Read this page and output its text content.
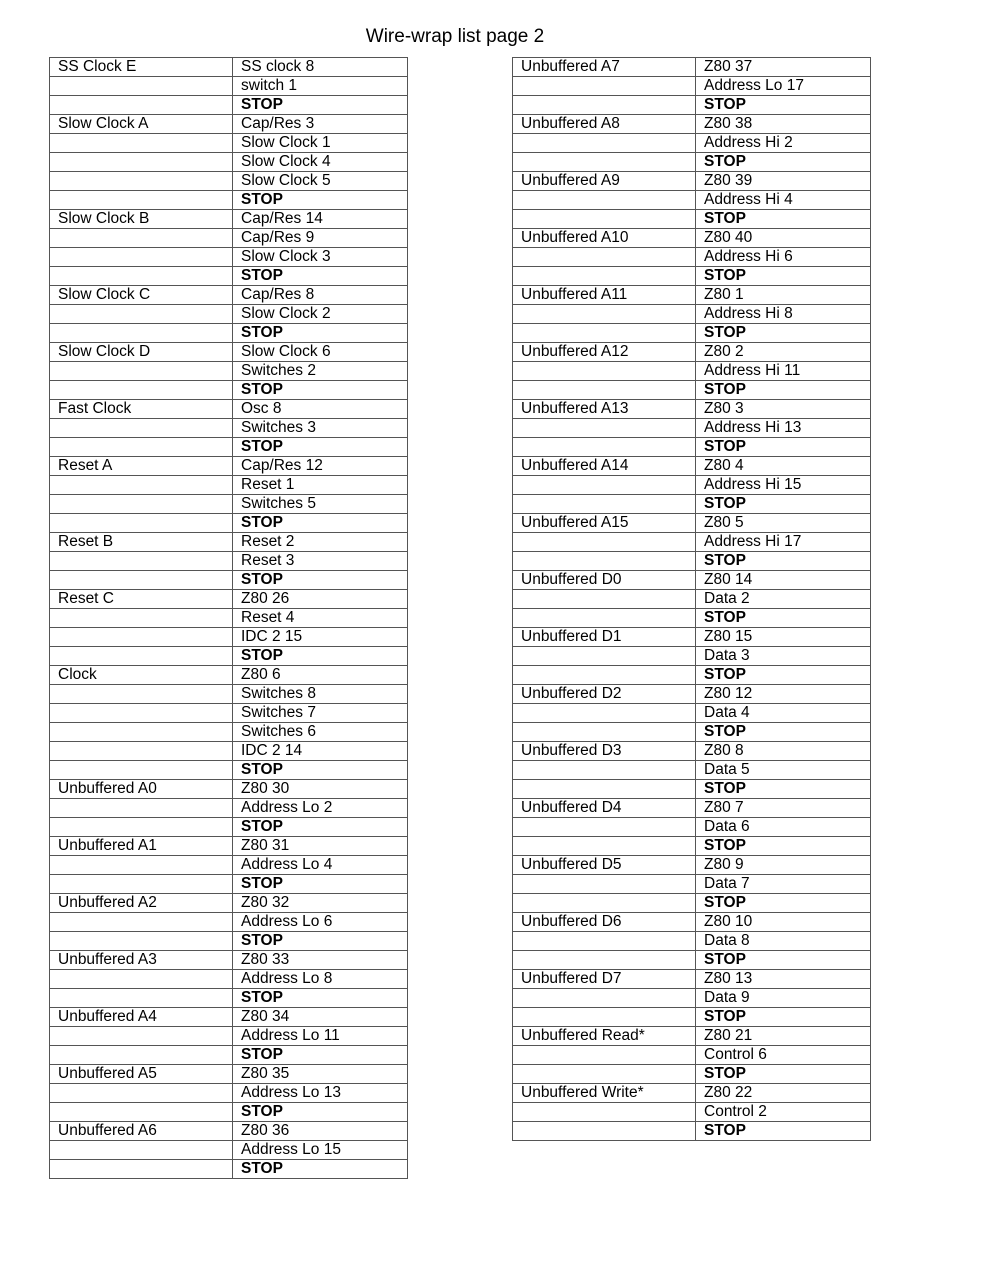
Wire-wrap list page 2
SS Clock E	SS clock 8
	switch 1
	STOP
Slow Clock A	Cap/Res 3
	Slow Clock 1
	Slow Clock 4
	Slow Clock 5
	STOP
Slow Clock B	Cap/Res 14
	Cap/Res 9
	Slow Clock 3
	STOP
Slow Clock C	Cap/Res 8
	Slow Clock 2
	STOP
Slow Clock D	Slow Clock 6
	Switches 2
	STOP
Fast Clock	Osc 8
	Switches 3
	STOP
Reset A	Cap/Res 12
	Reset 1
	Switches 5
	STOP
Reset B	Reset 2
	Reset 3
	STOP
Reset C	Z80 26
	Reset 4
	IDC 2 15
	STOP
Clock	Z80 6
	Switches 8
	Switches 7
	Switches 6
	IDC 2 14
	STOP
Unbuffered A0	Z80 30
	Address Lo 2
	STOP
Unbuffered A1	Z80 31
	Address Lo 4
	STOP
Unbuffered A2	Z80 32
	Address Lo 6
	STOP
Unbuffered A3	Z80 33
	Address Lo 8
	STOP
Unbuffered A4	Z80 34
	Address Lo 11
	STOP
Unbuffered A5	Z80 35
	Address Lo 13
	STOP
Unbuffered A6	Z80 36
	Address Lo 15
	STOP
Unbuffered A7	Z80 37
	Address Lo 17
	STOP
Unbuffered A8	Z80 38
	Address Hi 2
	STOP
Unbuffered A9	Z80 39
	Address Hi 4
	STOP
Unbuffered A10	Z80 40
	Address Hi 6
	STOP
Unbuffered A11	Z80 1
	Address Hi 8
	STOP
Unbuffered A12	Z80 2
	Address Hi 11
	STOP
Unbuffered A13	Z80 3
	Address Hi 13
	STOP
Unbuffered A14	Z80 4
	Address Hi 15
	STOP
Unbuffered A15	Z80 5
	Address Hi 17
	STOP
Unbuffered D0	Z80 14
	Data 2
	STOP
Unbuffered D1	Z80 15
	Data 3
	STOP
Unbuffered D2	Z80 12
	Data 4
	STOP
Unbuffered D3	Z80 8
	Data 5
	STOP
Unbuffered D4	Z80 7
	Data 6
	STOP
Unbuffered D5	Z80 9
	Data 7
	STOP
Unbuffered D6	Z80 10
	Data 8
	STOP
Unbuffered D7	Z80 13
	Data 9
	STOP
Unbuffered Read*	Z80 21
	Control 6
	STOP
Unbuffered Write*	Z80 22
	Control 2
	STOP
